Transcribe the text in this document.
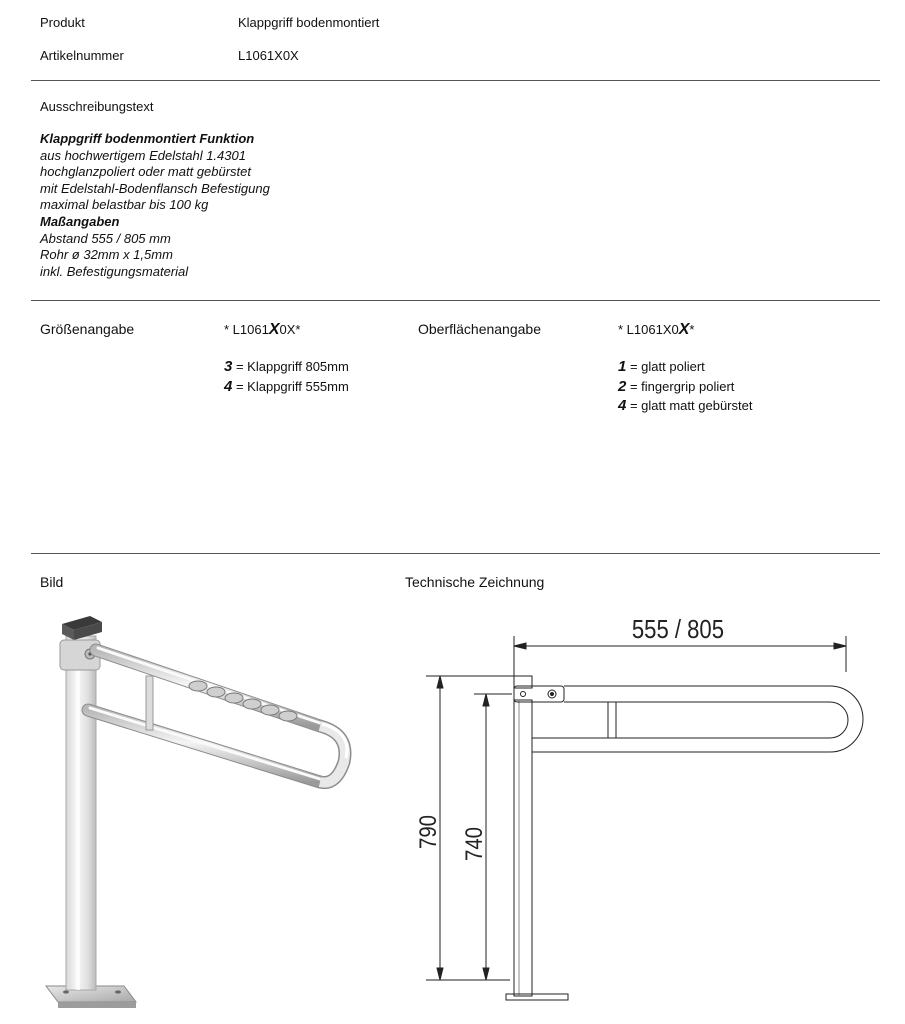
Produkt	Klappgriff bodenmontiert
Artikelnummer	L1061X0X
Ausschreibungstext
Klappgriff bodenmontiert Funktion
aus hochwertigem Edelstahl 1.4301
hochglanzpoliert oder matt gebürstet
mit Edelstahl-Bodenflansch Befestigung
maximal belastbar bis 100 kg
Maßangaben
Abstand 555 / 805 mm
Rohr ø 32mm x 1,5mm
inkl. Befestigungsmaterial
Größenangabe	* L1061X0X*
3 = Klappgriff 805mm
4 = Klappgriff 555mm
Oberflächenangabe	* L1061X0X*
1 = glatt poliert
2 = fingergrip poliert
4 = glatt matt gebürstet
Bild	Technische Zeichnung
555 / 805
790 740
